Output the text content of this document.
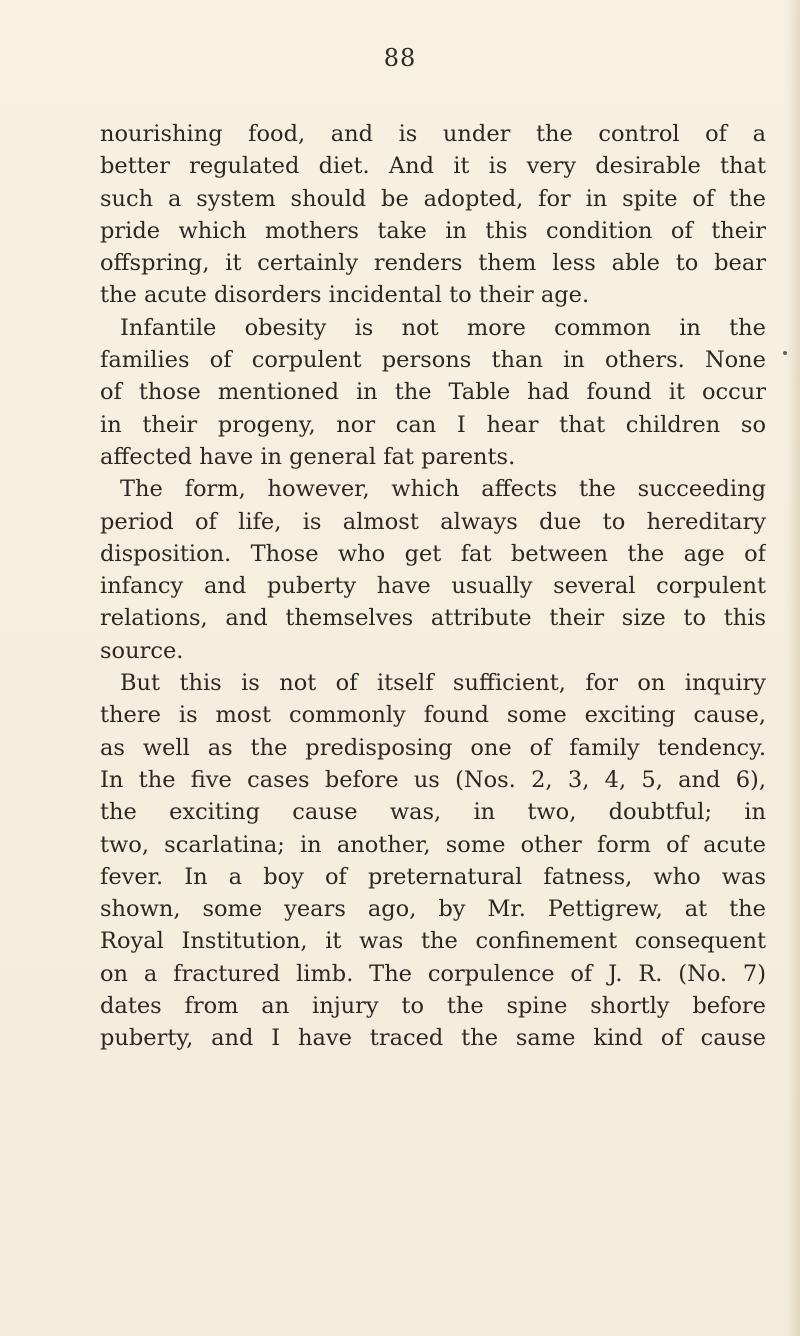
88
nourishing food, and is under the control of a
better regulated diet. And it is very desirable that
such a system should be adopted, for in spite of the
pride which mothers take in this condition of their
offspring, it certainly renders them less able to bear
the acute disorders incidental to their age.
Infantile obesity is not more common in the
families of corpulent persons than in others. None
of those mentioned in the Table had found it occur
in their progeny, nor can I hear that children so
affected have in general fat parents.
The form, however, which affects the succeeding
period of life, is almost always due to hereditary
disposition. Those who get fat between the age of
infancy and puberty have usually several corpulent
relations, and themselves attribute their size to this
source.
But this is not of itself sufficient, for on inquiry
there is most commonly found some exciting cause,
as well as the predisposing one of family tendency.
In the five cases before us (Nos. 2, 3, 4, 5, and 6),
the exciting cause was, in two, doubtful; in
two, scarlatina; in another, some other form of acute
fever. In a boy of preternatural fatness, who was
shown, some years ago, by Mr. Pettigrew, at the
Royal Institution, it was the confinement consequent
on a fractured limb. The corpulence of J. R. (No. 7)
dates from an injury to the spine shortly before
puberty, and I have traced the same kind of cause
